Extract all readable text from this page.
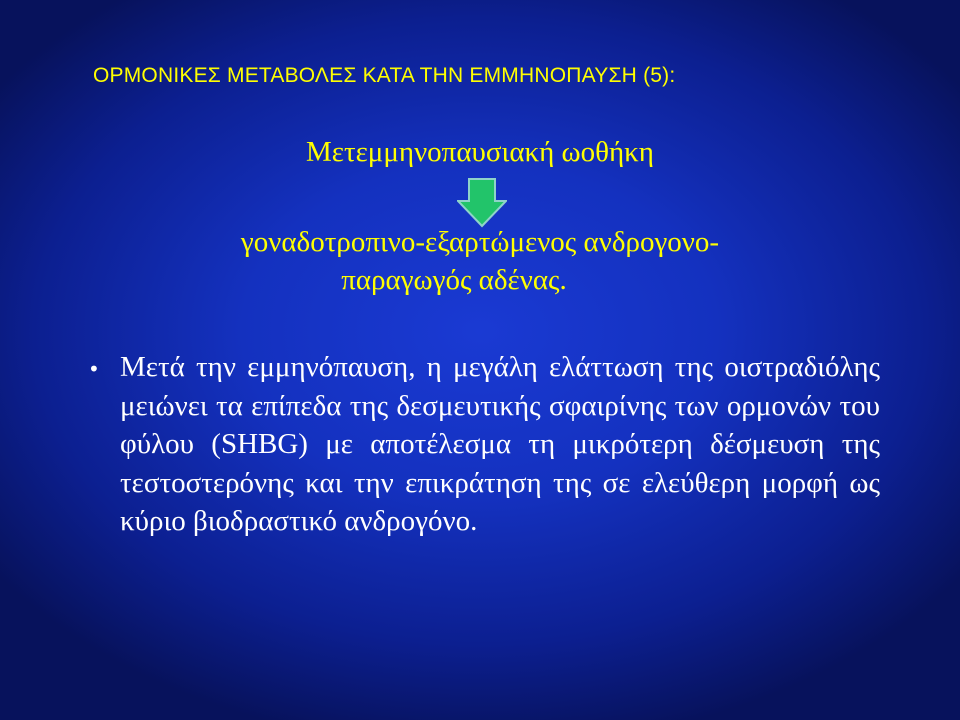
ΟΡΜΟΝΙΚΕΣ ΜΕΤΑΒΟΛΕΣ ΚΑΤΑ ΤΗΝ ΕΜΜΗΝΟΠΑΥΣΗ (5):
Μετεμμηνοπαυσιακή ωοθήκη
γοναδοτροπινο-εξαρτώμενος ανδρογονο-
παραγωγός αδένας.
• Μετά την εμμηνόπαυση, η μεγάλη ελάττωση της οιστραδιόλης μειώνει τα επίπεδα της δεσμευτικής σφαιρίνης των ορμονών του φύλου (SHBG) με αποτέλεσμα τη μικρότερη δέσμευση της τεστοστερόνης και την επικράτηση της σε ελεύθερη μορφή ως κύριο βιοδραστικό ανδρογόνο.
